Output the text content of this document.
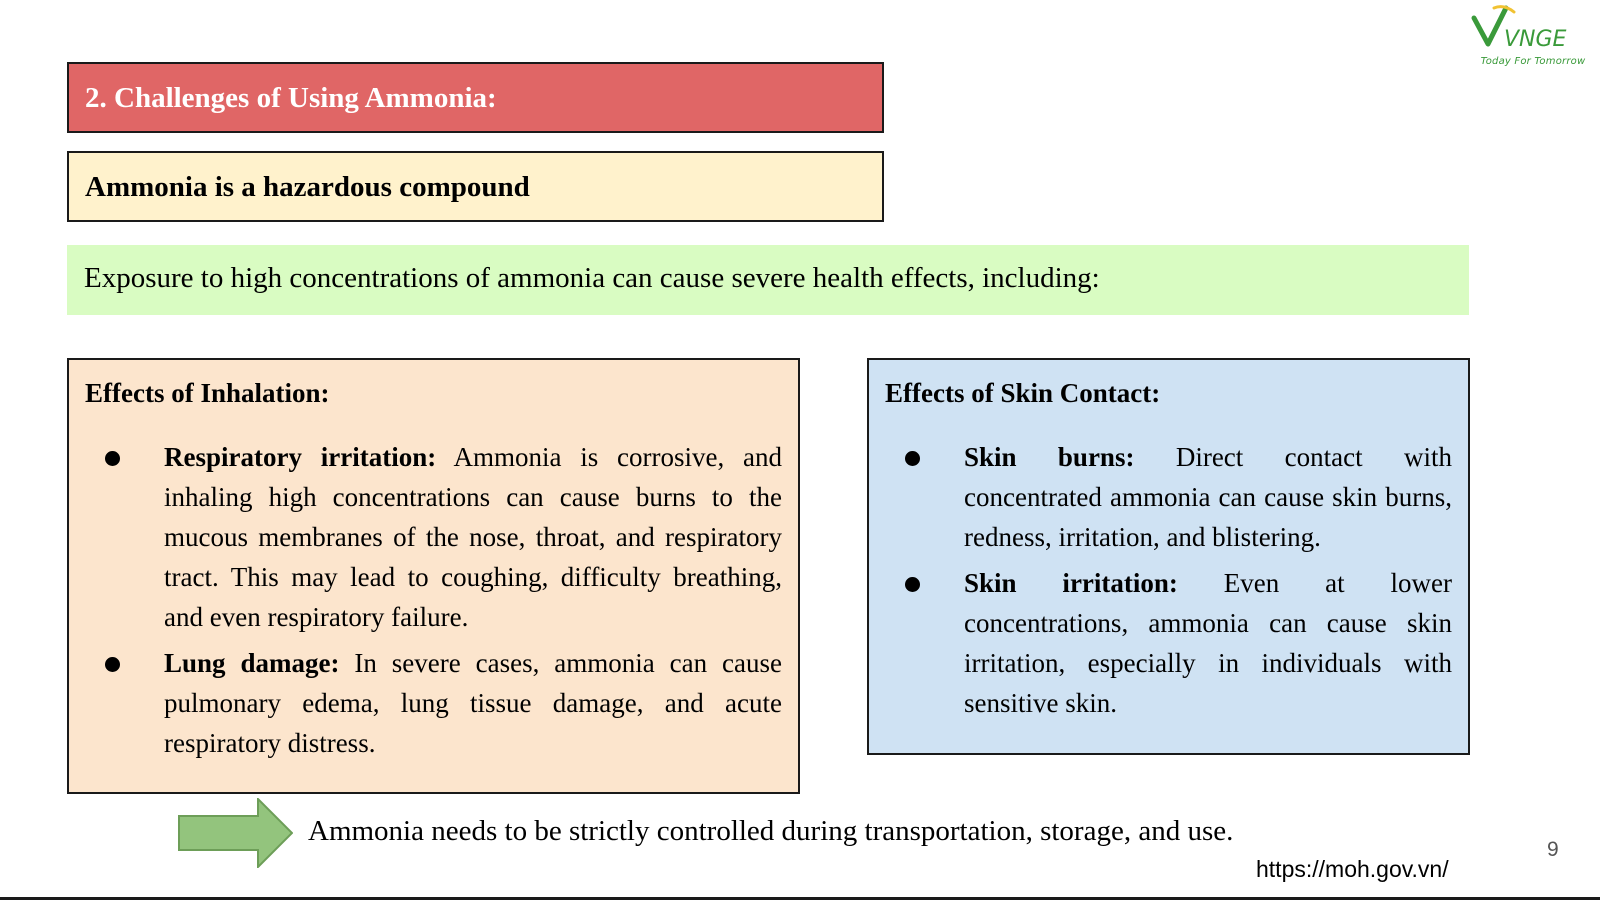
VNGE
Today For Tomorrow
2. Challenges of Using Ammonia:
Ammonia is a hazardous compound
Exposure to high concentrations of ammonia can cause severe health effects, including:
Effects of Inhalation:
Respiratory irritation: Ammonia is corrosive, and inhaling high concentrations can cause burns to the mucous membranes of the nose, throat, and respiratory tract. This may lead to coughing, difficulty breathing, and even respiratory failure.
Lung damage: In severe cases, ammonia can cause pulmonary edema, lung tissue damage, and acute respiratory distress.
Effects of Skin Contact:
Skin burns: Direct contact with concentrated ammonia can cause skin burns, redness, irritation, and blistering.
Skin irritation: Even at lower concentrations, ammonia can cause skin irritation, especially in individuals with sensitive skin.
Ammonia needs to be strictly controlled during transportation, storage, and use.
https://moh.gov.vn/
9
